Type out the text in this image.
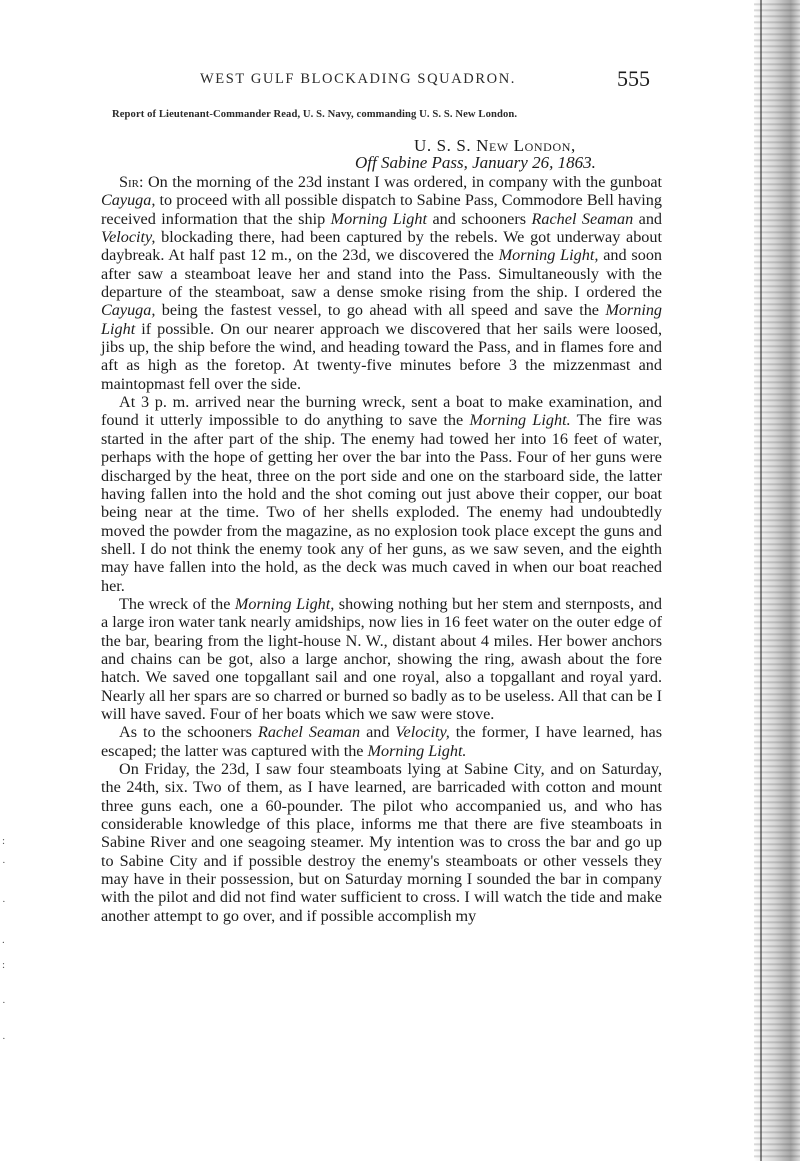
:
·
·
.
:
·
·
WEST GULF BLOCKADING SQUADRON.	555
Report of Lieutenant-Commander Read, U. S. Navy, commanding U. S. S. New London.
U. S. S. New London,
Off Sabine Pass, January 26, 1863.

Sir: On the morning of the 23d instant I was ordered, in company with the gunboat Cayuga, to proceed with all possible dispatch to Sabine Pass, Commodore Bell having received information that the ship Morning Light and schooners Rachel Seaman and Velocity, blockading there, had been captured by the rebels. We got underway about daybreak. At half past 12 m., on the 23d, we discovered the Morning Light, and soon after saw a steamboat leave her and stand into the Pass. Simultaneously with the departure of the steamboat, saw a dense smoke rising from the ship. I ordered the Cayuga, being the fastest vessel, to go ahead with all speed and save the Morning Light if possible. On our nearer approach we discovered that her sails were loosed, jibs up, the ship before the wind, and heading toward the Pass, and in flames fore and aft as high as the foretop. At twenty-five minutes before 3 the mizzenmast and maintopmast fell over the side.

At 3 p. m. arrived near the burning wreck, sent a boat to make examination, and found it utterly impossible to do anything to save the Morning Light. The fire was started in the after part of the ship. The enemy had towed her into 16 feet of water, perhaps with the hope of getting her over the bar into the Pass. Four of her guns were discharged by the heat, three on the port side and one on the starboard side, the latter having fallen into the hold and the shot coming out just above their copper, our boat being near at the time. Two of her shells exploded. The enemy had undoubtedly moved the powder from the magazine, as no explosion took place except the guns and shell. I do not think the enemy took any of her guns, as we saw seven, and the eighth may have fallen into the hold, as the deck was much caved in when our boat reached her.

The wreck of the Morning Light, showing nothing but her stem and sternposts, and a large iron water tank nearly amidships, now lies in 16 feet water on the outer edge of the bar, bearing from the light-house N. W., distant about 4 miles. Her bower anchors and chains can be got, also a large anchor, showing the ring, awash about the fore hatch. We saved one topgallant sail and one royal, also a topgallant and royal yard. Nearly all her spars are so charred or burned so badly as to be useless. All that can be I will have saved. Four of her boats which we saw were stove.

As to the schooners Rachel Seaman and Velocity, the former, I have learned, has escaped; the latter was captured with the Morning Light.

On Friday, the 23d, I saw four steamboats lying at Sabine City, and on Saturday, the 24th, six. Two of them, as I have learned, are barricaded with cotton and mount three guns each, one a 60-pounder. The pilot who accompanied us, and who has considerable knowledge of this place, informs me that there are five steamboats in Sabine River and one seagoing steamer. My intention was to cross the bar and go up to Sabine City and if possible destroy the enemy's steamboats or other vessels they may have in their possession, but on Saturday morning I sounded the bar in company with the pilot and did not find water sufficient to cross. I will watch the tide and make another attempt to go over, and if possible accomplish my
